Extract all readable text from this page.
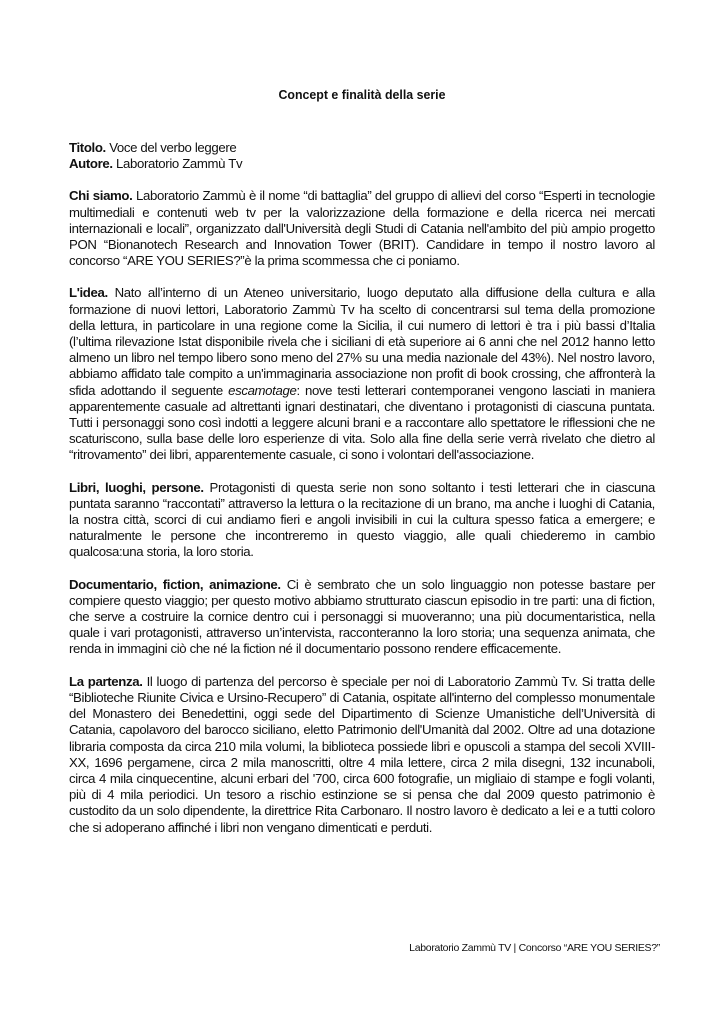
Concept e finalità della serie

Titolo. Voce del verbo leggere
Autore. Laboratorio Zammù Tv

Chi siamo. Laboratorio Zammù è il nome “di battaglia” del gruppo di allievi del corso “Esperti in tecnologie multimediali e contenuti web tv per la valorizzazione della formazione e della ricerca nei mercati internazionali e locali”, organizzato dall'Università degli Studi di Catania nell'ambito del più ampio progetto PON “Bionanotech Research and Innovation Tower (BRIT). Candidare in tempo il nostro lavoro al concorso “ARE YOU SERIES?”è la prima scommessa che ci poniamo.

L'idea. Nato all’interno di un Ateneo universitario, luogo deputato alla diffusione della cultura e alla formazione di nuovi lettori, Laboratorio Zammù Tv ha scelto di concentrarsi sul tema della promozione della lettura, in particolare in una regione come la Sicilia, il cui numero di lettori è tra i più bassi d’Italia (l’ultima rilevazione Istat disponibile rivela che i siciliani di età superiore ai 6 anni che nel 2012 hanno letto almeno un libro nel tempo libero sono meno del 27% su una media nazionale del 43%). Nel nostro lavoro, abbiamo affidato tale compito a un'immaginaria associazione non profit di book crossing, che affronterà la sfida adottando il seguente escamotage: nove testi letterari contemporanei vengono lasciati in maniera apparentemente casuale ad altrettanti ignari destinatari, che diventano i protagonisti di ciascuna puntata. Tutti i personaggi sono così indotti a leggere alcuni brani e a raccontare allo spettatore le riflessioni che ne scaturiscono, sulla base delle loro esperienze di vita. Solo alla fine della serie verrà rivelato che dietro al “ritrovamento” dei libri, apparentemente casuale, ci sono i volontari dell'associazione.

Libri, luoghi, persone. Protagonisti di questa serie non sono soltanto i testi letterari che in ciascuna puntata saranno “raccontati” attraverso la lettura o la recitazione di un brano, ma anche i luoghi di Catania, la nostra città, scorci di cui andiamo fieri e angoli invisibili in cui la cultura spesso fatica a emergere; e naturalmente le persone che incontreremo in questo viaggio, alle quali chiederemo in cambio qualcosa:una storia, la loro storia.

Documentario, fiction, animazione. Ci è sembrato che un solo linguaggio non potesse bastare per compiere questo viaggio; per questo motivo abbiamo strutturato ciascun episodio in tre parti: una di fiction, che serve a costruire la cornice dentro cui i personaggi si muoveranno; una più documentaristica, nella quale i vari protagonisti, attraverso un’intervista, racconteranno la loro storia; una sequenza animata, che renda in immagini ciò che né la fiction né il documentario possono rendere efficacemente.

La partenza. Il luogo di partenza del percorso è speciale per noi di Laboratorio Zammù Tv. Si tratta delle “Biblioteche Riunite Civica e Ursino-Recupero” di Catania, ospitate all'interno del complesso monumentale del Monastero dei Benedettini, oggi sede del Dipartimento di Scienze Umanistiche dell’Università di Catania, capolavoro del barocco siciliano, eletto Patrimonio dell'Umanità dal 2002. Oltre ad una dotazione libraria composta da circa 210 mila volumi, la biblioteca possiede libri e opuscoli a stampa del secoli XVIII-XX, 1696 pergamene, circa 2 mila manoscritti, oltre 4 mila lettere, circa 2 mila disegni, 132 incunaboli, circa 4 mila cinquecentine, alcuni erbari del '700, circa 600 fotografie, un migliaio di stampe e fogli volanti, più di 4 mila periodici. Un tesoro a rischio estinzione se si pensa che dal 2009 questo patrimonio è custodito da un solo dipendente, la direttrice Rita Carbonaro. Il nostro lavoro è dedicato a lei e a tutti coloro che si adoperano affinché i libri non vengano dimenticati e perduti.

Laboratorio Zammù TV | Concorso “ARE YOU SERIES?”
